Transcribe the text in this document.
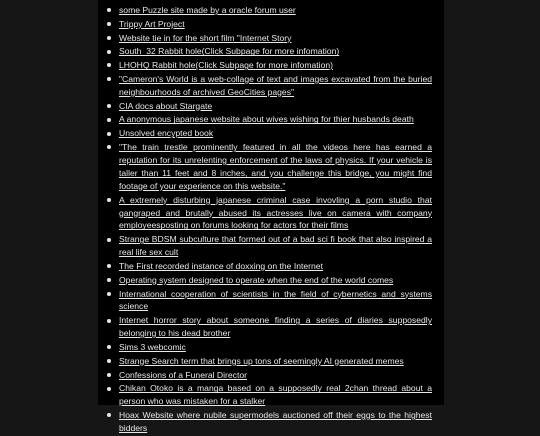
some Puzzle site made by a oracle forum user
Trippy Art Project
Website tie in for the short film "Internet Story
South_32 Rabbit hole(Click Subpage for more infomation)
LHOHQ Rabbit hole(Click Subpage for more infomation)
"Cameron's World is a web-collage of text and images excavated from the buried neighbourhoods of archived GeoCities pages"
CIA docs about Stargate
A anonymous japanese website about wives wishing for thier husbands death
Unsolved encypted book
"The train trestle prominently featured in all the videos here has earned a reputation for its unrelenting enforcement of the laws of physics. If your vehicle is taller than 11 feet and 8 inches, and you challenge this bridge, you might find footage of your experience on this website."
A extremely disturbing japanese criminal case invovling a porn studio that gangraped and brutally abused its actresses live on camera with company employeesposting on forums looking for actors for their films
Strange BDSM subculture that formed out of a bad sci fi book that also inspired a real life sex cult
The First recorded instance of doxxing on the Internet
Operating system designed to operate when the end of the world comes
International cooperation of scientists in the field of cybernetics and systems science
Internet horror story about someone finding a series of diaries supposedly belonging to his dead brother
Sims 3 webcomic
Strange Search term that brings up tons of seemingly AI generated memes
Confessions of a Funeral Director
Chikan Otoko is a manga based on a supposedly real 2chan thread about a person who was mistaken for a stalker
Hoax Website where nubile supermodels auctioned off their eggs to the highest bidders
